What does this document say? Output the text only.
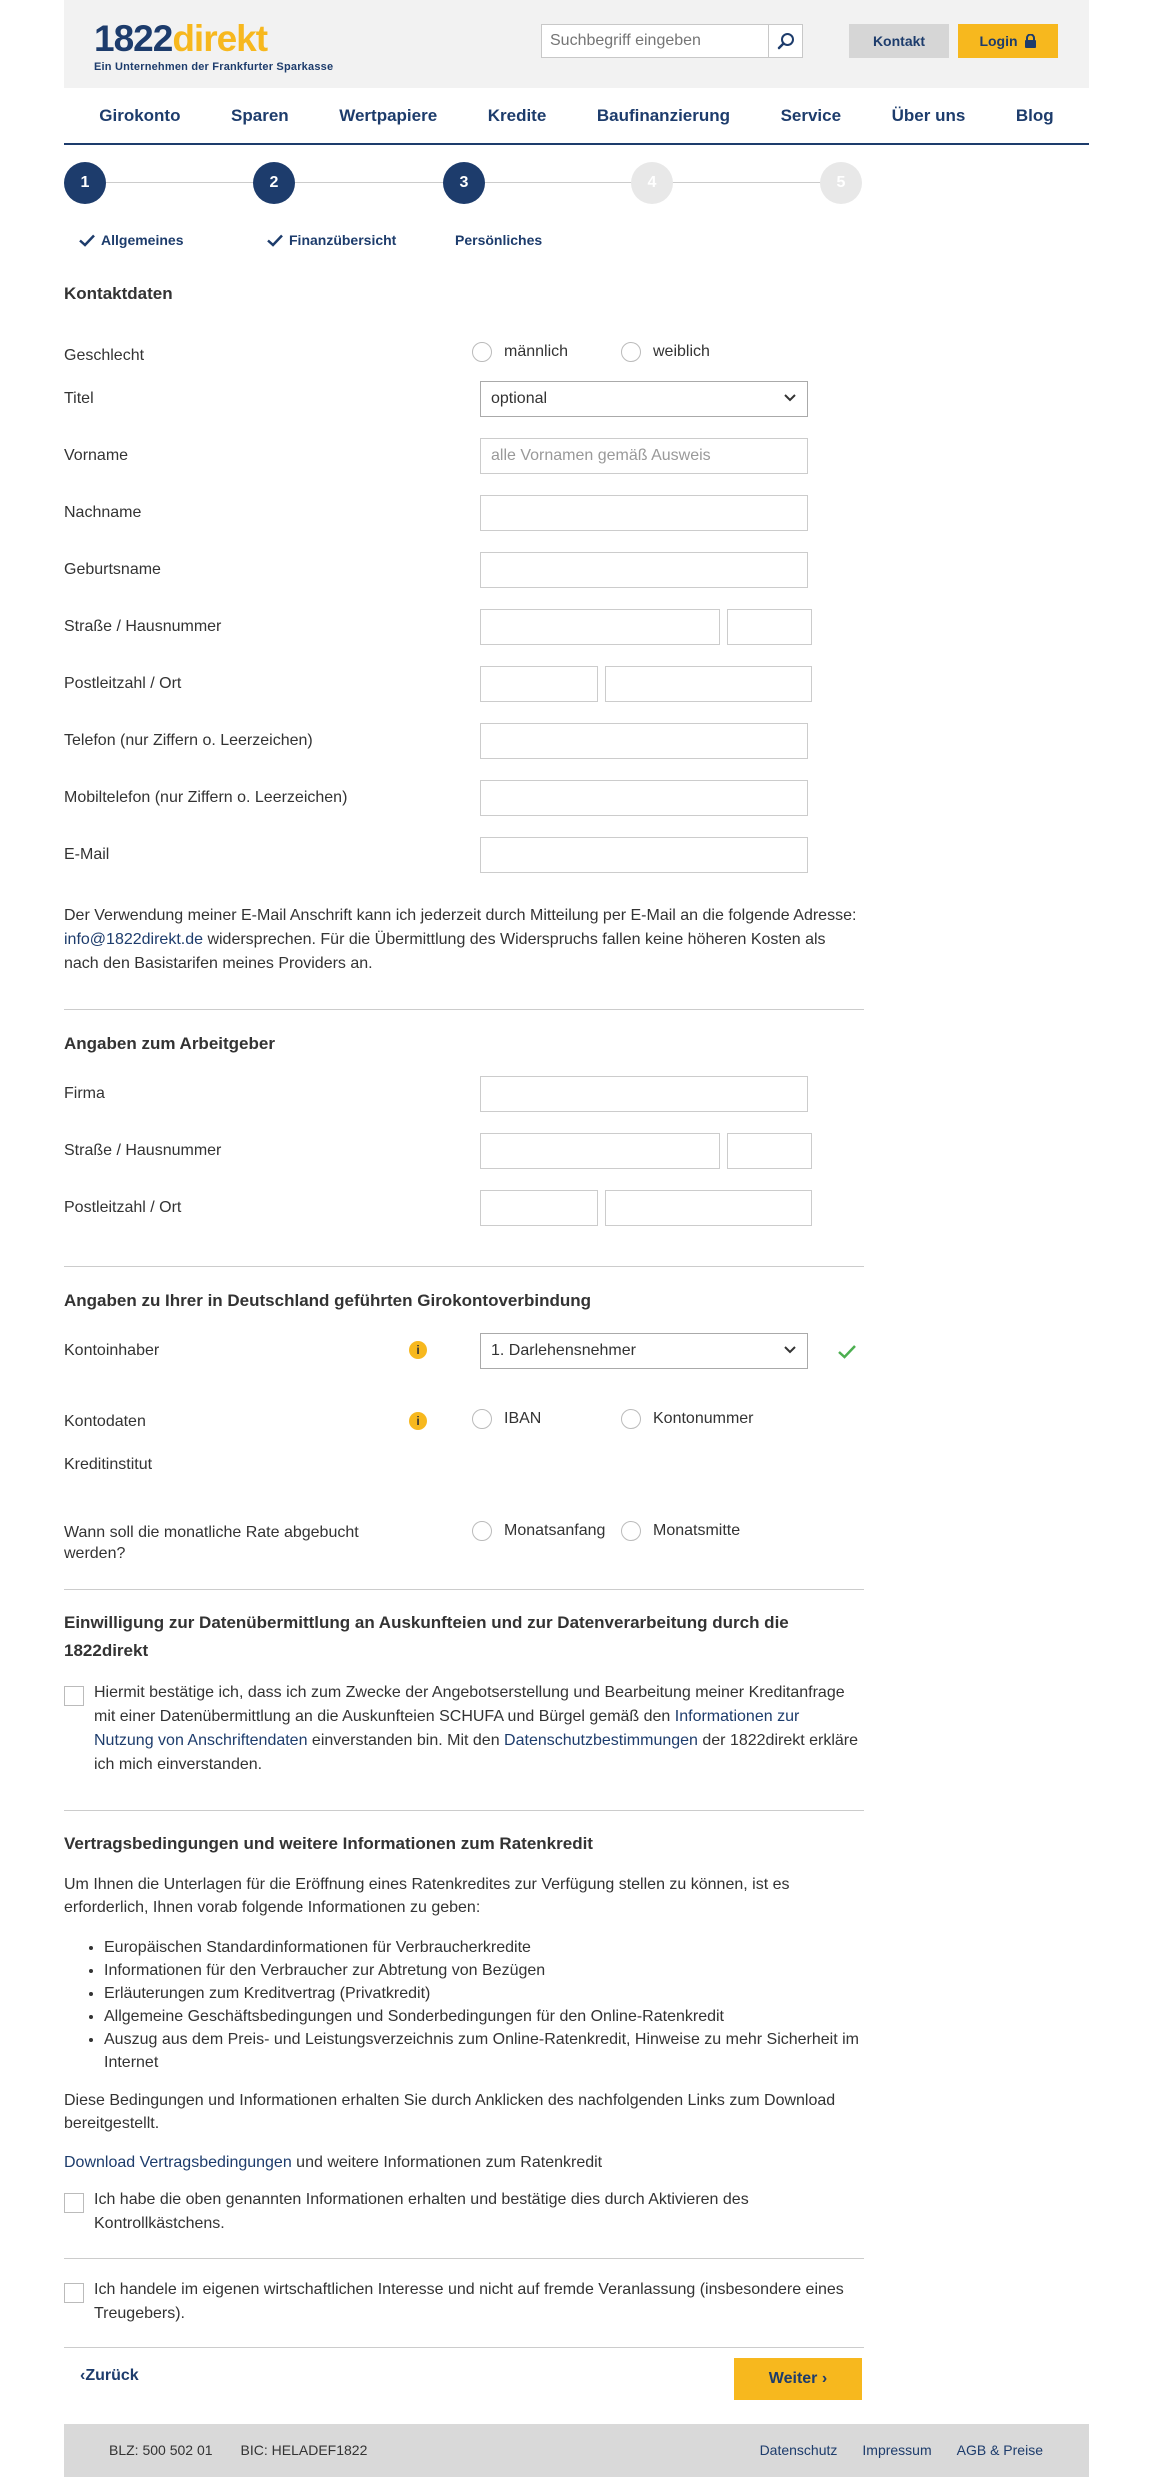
1822direkt
Ein Unternehmen der Frankfurter Sparkasse
Suchbegriff eingeben
Kontakt	Login
Girokonto	Sparen	Wertpapiere	Kredite	Baufinanzierung	Service	Über uns	Blog
1	2	3	4	5
Allgemeines	Finanzübersicht	Persönliches
Kontaktdaten
Geschlecht	männlich	weiblich
Titel	optional
Vorname	alle Vornamen gemäß Ausweis
Nachname
Geburtsname
Straße / Hausnummer
Postleitzahl / Ort
Telefon (nur Ziffern o. Leerzeichen)
Mobiltelefon (nur Ziffern o. Leerzeichen)
E-Mail
Der Verwendung meiner E-Mail Anschrift kann ich jederzeit durch Mitteilung per E-Mail an die folgende Adresse:
info@1822direkt.de widersprechen. Für die Übermittlung des Widerspruchs fallen keine höheren Kosten als
nach den Basistarifen meines Providers an.
Angaben zum Arbeitgeber
Firma
Straße / Hausnummer
Postleitzahl / Ort
Angaben zu Ihrer in Deutschland geführten Girokontoverbindung
Kontoinhaber	i	1. Darlehensnehmer
Kontodaten	i	IBAN	Kontonummer
Kreditinstitut
Wann soll die monatliche Rate abgebucht
werden?
Monatsanfang	Monatsmitte
Einwilligung zur Datenübermittlung an Auskunfteien und zur Datenverarbeitung durch die
1822direkt
Hiermit bestätige ich, dass ich zum Zwecke der Angebotserstellung und Bearbeitung meiner Kreditanfrage
mit einer Datenübermittlung an die Auskunfteien SCHUFA und Bürgel gemäß den Informationen zur
Nutzung von Anschriftendaten einverstanden bin. Mit den Datenschutzbestimmungen der 1822direkt erkläre
ich mich einverstanden.
Vertragsbedingungen und weitere Informationen zum Ratenkredit
Um Ihnen die Unterlagen für die Eröffnung eines Ratenkredites zur Verfügung stellen zu können, ist es
erforderlich, Ihnen vorab folgende Informationen zu geben:
• Europäischen Standardinformationen für Verbraucherkredite
• Informationen für den Verbraucher zur Abtretung von Bezügen
• Erläuterungen zum Kreditvertrag (Privatkredit)
• Allgemeine Geschäftsbedingungen und Sonderbedingungen für den Online-Ratenkredit
• Auszug aus dem Preis- und Leistungsverzeichnis zum Online-Ratenkredit, Hinweise zu mehr Sicherheit im Internet
Diese Bedingungen und Informationen erhalten Sie durch Anklicken des nachfolgenden Links zum Download
bereitgestellt.
Download Vertragsbedingungen und weitere Informationen zum Ratenkredit
Ich habe die oben genannten Informationen erhalten und bestätige dies durch Aktivieren des
Kontrollkästchens.
Ich handele im eigenen wirtschaftlichen Interesse und nicht auf fremde Veranlassung (insbesondere eines
Treugebers).
‹Zurück	Weiter ›
BLZ: 500 502 01 BIC: HELADEF1822	Datenschutz Impressum AGB & Preise
